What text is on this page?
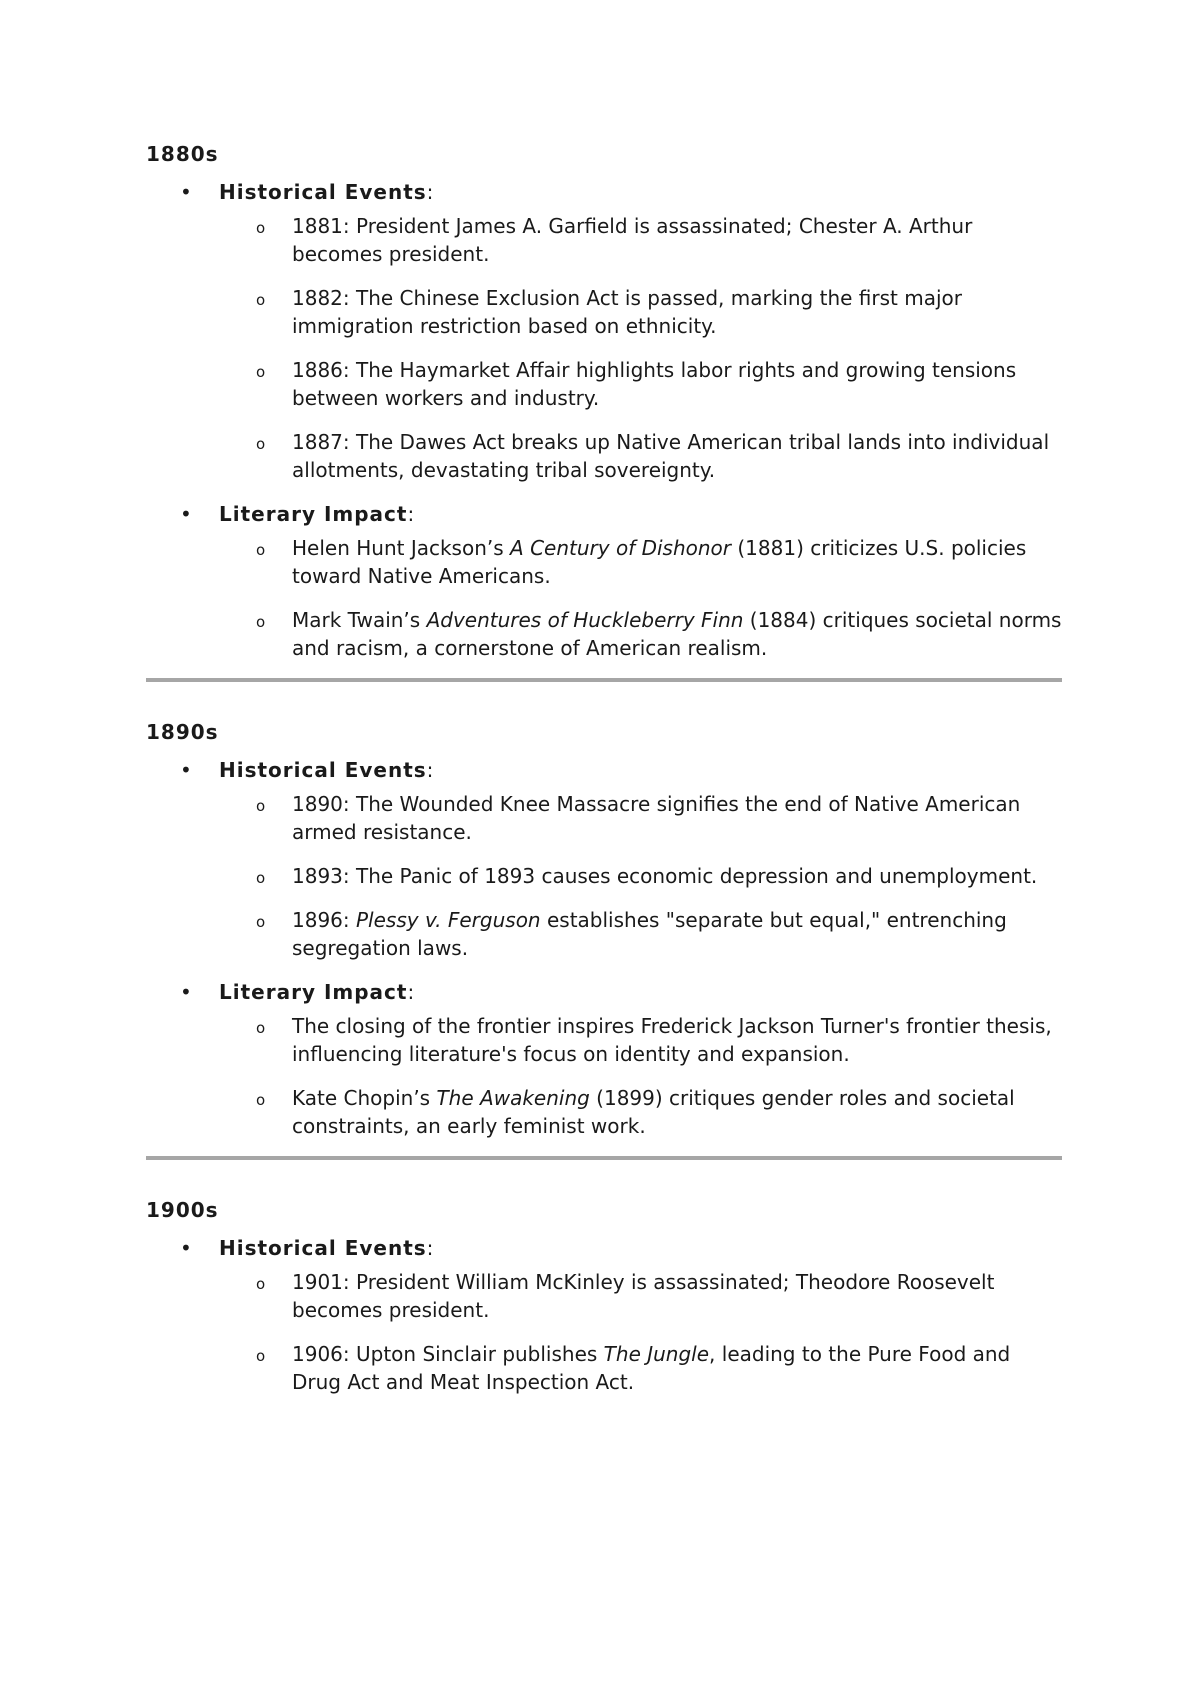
1880s
• Historical Events:
o 1881: President James A. Garfield is assassinated; Chester A. Arthur becomes president.
o 1882: The Chinese Exclusion Act is passed, marking the first major immigration restriction based on ethnicity.
o 1886: The Haymarket Affair highlights labor rights and growing tensions between workers and industry.
o 1887: The Dawes Act breaks up Native American tribal lands into individual allotments, devastating tribal sovereignty.
• Literary Impact:
o Helen Hunt Jackson’s A Century of Dishonor (1881) criticizes U.S. policies toward Native Americans.
o Mark Twain’s Adventures of Huckleberry Finn (1884) critiques societal norms and racism, a cornerstone of American realism.
1890s
• Historical Events:
o 1890: The Wounded Knee Massacre signifies the end of Native American armed resistance.
o 1893: The Panic of 1893 causes economic depression and unemployment.
o 1896: Plessy v. Ferguson establishes "separate but equal," entrenching segregation laws.
• Literary Impact:
o The closing of the frontier inspires Frederick Jackson Turner's frontier thesis, influencing literature's focus on identity and expansion.
o Kate Chopin’s The Awakening (1899) critiques gender roles and societal constraints, an early feminist work.
1900s
• Historical Events:
o 1901: President William McKinley is assassinated; Theodore Roosevelt becomes president.
o 1906: Upton Sinclair publishes The Jungle, leading to the Pure Food and Drug Act and Meat Inspection Act.
